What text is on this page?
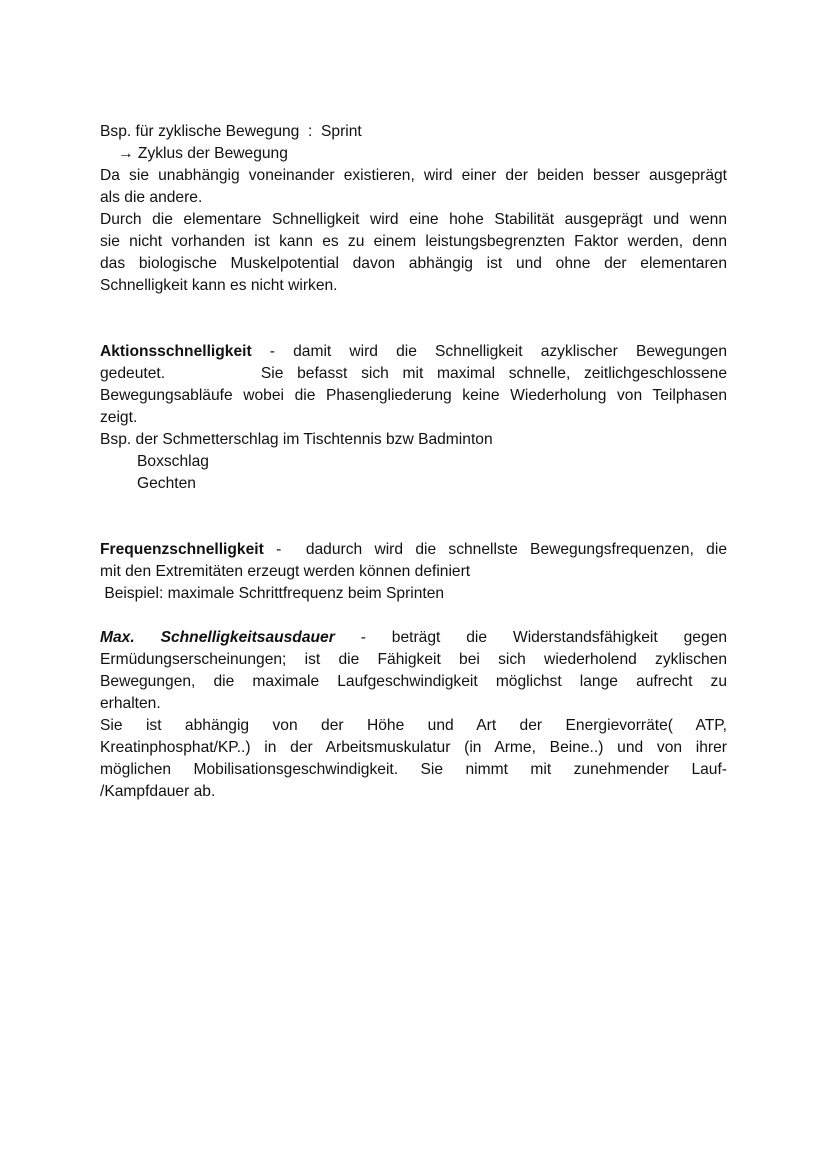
Bsp. für zyklische Bewegung  :  Sprint
→ Zyklus der Bewegung
Da sie unabhängig voneinander existieren, wird einer der beiden besser ausgeprägt
als die andere.
Durch die elementare Schnelligkeit wird eine hohe Stabilität ausgeprägt und wenn
sie nicht vorhanden ist kann es zu einem leistungsbegrenzten Faktor werden, denn
das biologische Muskelpotential davon abhängig ist und ohne der elementaren
Schnelligkeit kann es nicht wirken.
Aktionsschnelligkeit - damit wird die Schnelligkeit azyklischer Bewegungen
gedeutet.       Sie befasst sich mit maximal schnelle, zeitlichgeschlossene
Bewegungsabläufe wobei die Phasengliederung keine Wiederholung von Teilphasen
zeigt.
Bsp. der Schmetterschlag im Tischtennis bzw Badminton
Boxschlag
Gechten
Frequenzschnelligkeit -  dadurch wird die schnellste Bewegungsfrequenzen, die
mit den Extremitäten erzeugt werden können definiert
Beispiel: maximale Schrittfrequenz beim Sprinten
Max. Schnelligkeitsausdauer - beträgt die Widerstandsfähigkeit gegen
Ermüdungserscheinungen; ist die Fähigkeit bei sich wiederholend zyklischen
Bewegungen, die maximale Laufgeschwindigkeit möglichst lange aufrecht zu
erhalten.
Sie ist abhängig von der Höhe und Art der Energievorräte( ATP,
Kreatinphosphat/KP..) in der Arbeitsmuskulatur (in Arme, Beine..) und von ihrer
möglichen Mobilisationsgeschwindigkeit. Sie nimmt mit zunehmender Lauf-
/Kampfdauer ab.
